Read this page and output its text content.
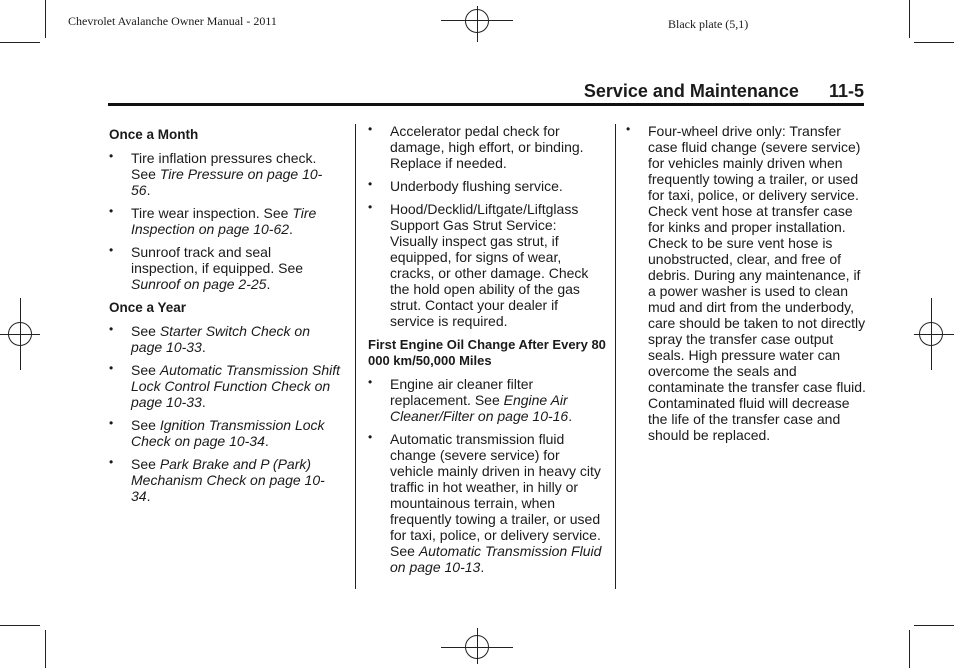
Chevrolet Avalanche Owner Manual - 2011	Black plate (5,1)
Service and Maintenance 11-5
Once a Month
• Tire inflation pressures check. See Tire Pressure on page 10-56.
• Tire wear inspection. See Tire Inspection on page 10-62.
• Sunroof track and seal inspection, if equipped. See Sunroof on page 2-25.
Once a Year
• See Starter Switch Check on page 10-33.
• See Automatic Transmission Shift Lock Control Function Check on page 10-33.
• See Ignition Transmission Lock Check on page 10-34.
• See Park Brake and P (Park) Mechanism Check on page 10-34.
• Accelerator pedal check for damage, high effort, or binding. Replace if needed.
• Underbody flushing service.
• Hood/Decklid/Liftgate/Liftglass Support Gas Strut Service: Visually inspect gas strut, if equipped, for signs of wear, cracks, or other damage. Check the hold open ability of the gas strut. Contact your dealer if service is required.
First Engine Oil Change After Every 80 000 km/50,000 Miles
• Engine air cleaner filter replacement. See Engine Air Cleaner/Filter on page 10-16.
• Automatic transmission fluid change (severe service) for vehicle mainly driven in heavy city traffic in hot weather, in hilly or mountainous terrain, when frequently towing a trailer, or used for taxi, police, or delivery service. See Automatic Transmission Fluid on page 10-13.
• Four-wheel drive only: Transfer case fluid change (severe service) for vehicles mainly driven when frequently towing a trailer, or used for taxi, police, or delivery service. Check vent hose at transfer case for kinks and proper installation. Check to be sure vent hose is unobstructed, clear, and free of debris. During any maintenance, if a power washer is used to clean mud and dirt from the underbody, care should be taken to not directly spray the transfer case output seals. High pressure water can overcome the seals and contaminate the transfer case fluid. Contaminated fluid will decrease the life of the transfer case and should be replaced.
